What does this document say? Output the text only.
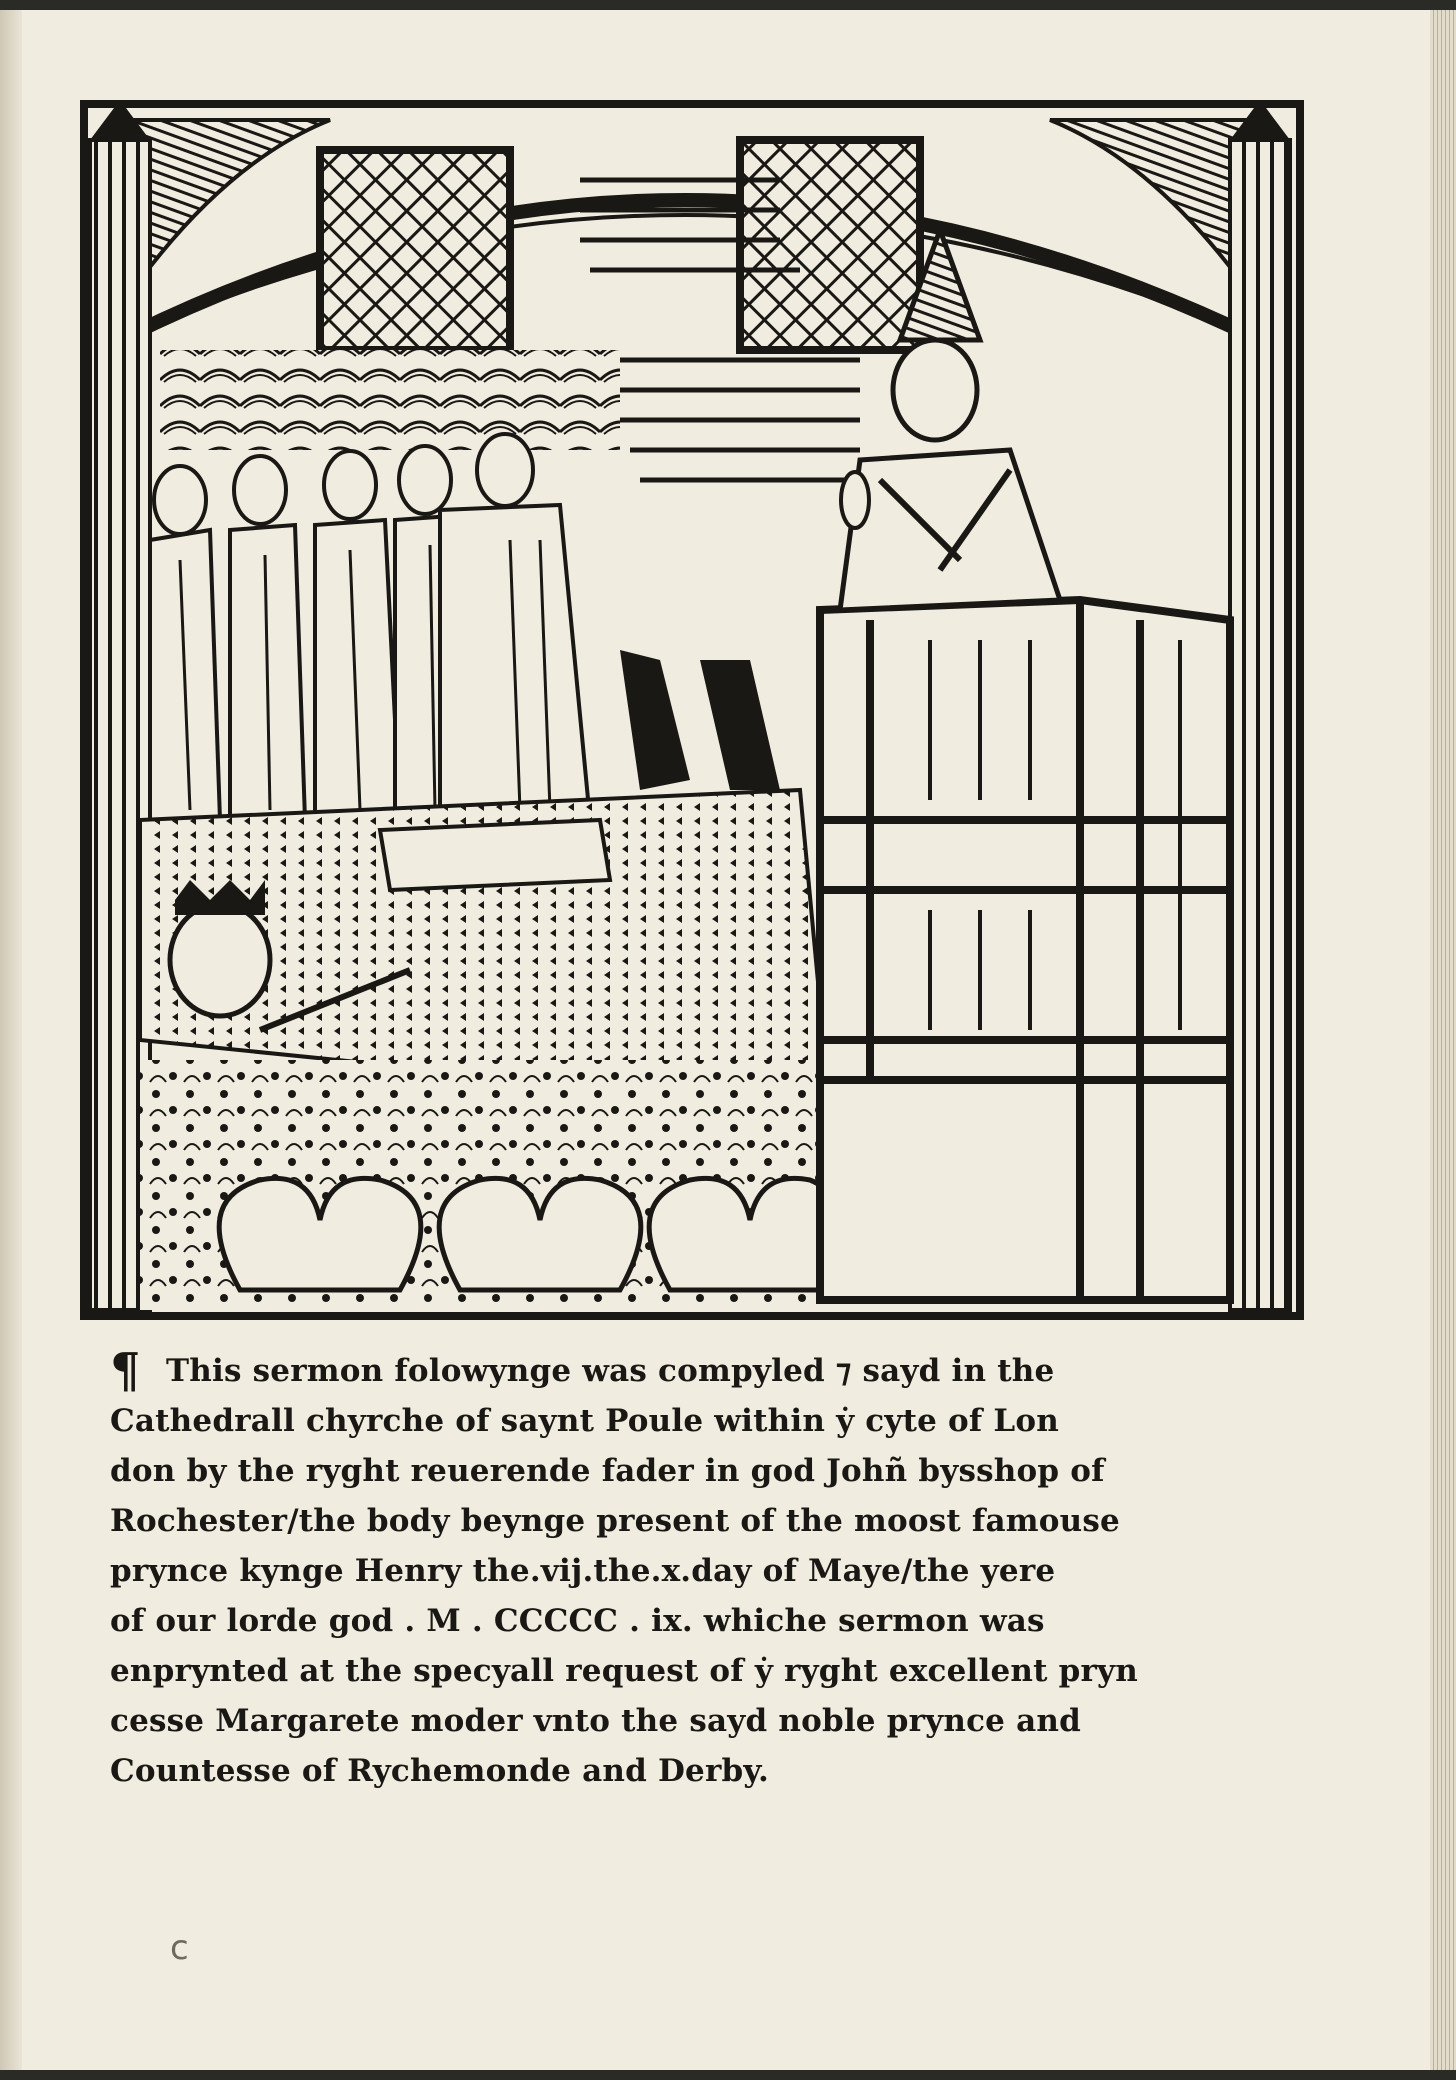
¶ This sermon folowynge was compyled ⁊ sayd in the

Cathedrall chyrche of saynt Poule within ẏ cyte of Lon

don by the ryght reuerende fader in god Johñ bysshop of

Rochester/the body beynge present of the moost famouse

prynce kynge Henry the.vij.the.x.day of Maye/the yere

of our lorde god . M . CCCCC . ix. whiche sermon was

enprynted at the specyall request of ẏ ryght excellent pryn

cesse Margarete moder vnto the sayd noble prynce and

Countesse of Rychemonde and Derby.

c
